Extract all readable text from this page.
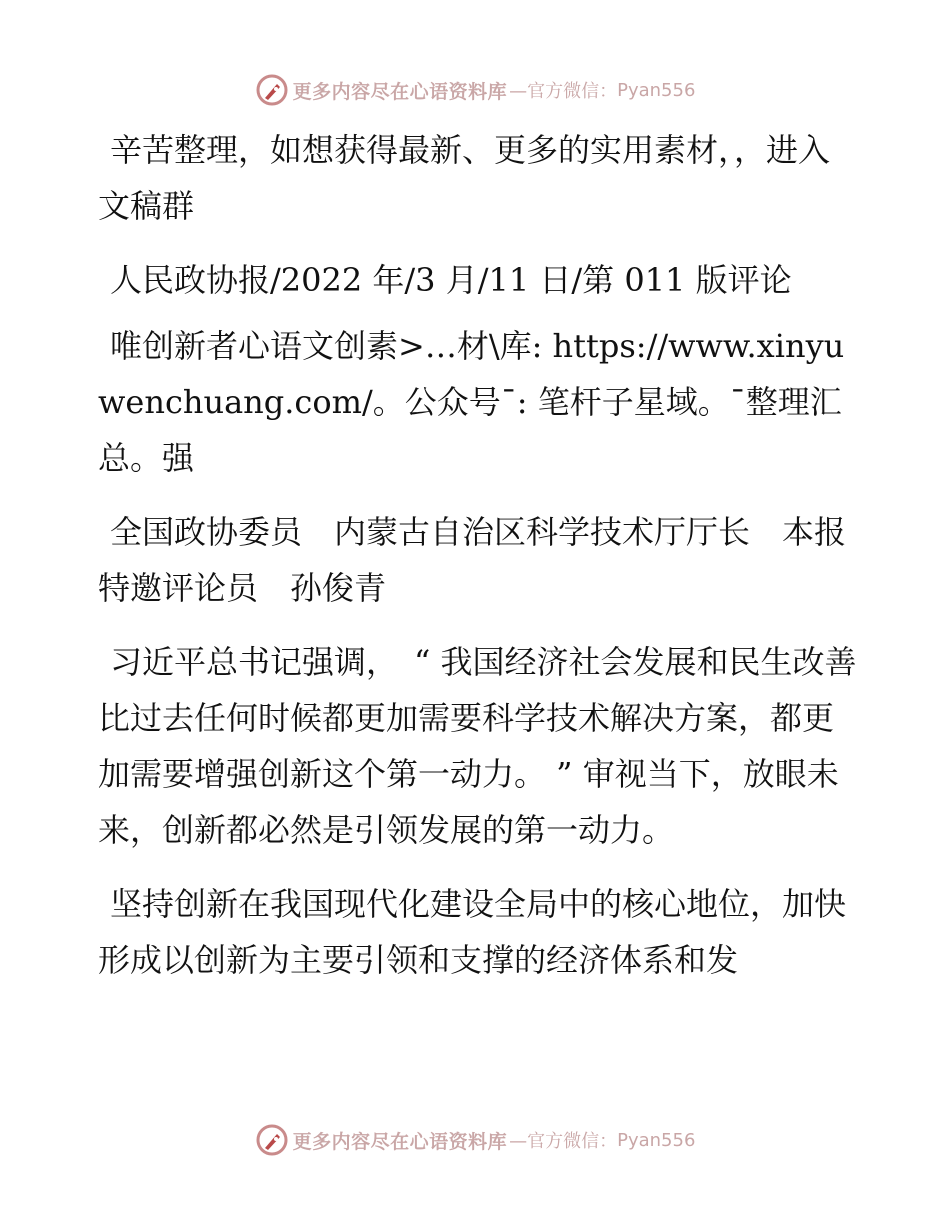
更多内容尽在心语资料库 —官方微信： Pyan556

辛苦整理，如想获得最新、更多的实用素材，，进入文稿群

人民政协报/2022 年/3 月/11 日/第 011 版评论

唯创新者心语文创素>…材\库: https://www.xinyuwenchuang.com/。公众号¯: 笔杆子星域。¯整理汇总。强

全国政协委员　内蒙古自治区科学技术厅厅长　本报特邀评论员　孙俊青

习近平总书记强调，　“ 我国经济社会发展和民生改善比过去任何时候都更加需要科学技术解决方案，都更加需要增强创新这个第一动力。 ” 审视当下，放眼未来，创新都必然是引领发展的第一动力。

坚持创新在我国现代化建设全局中的核心地位，加快形成以创新为主要引领和支撑的经济体系和发

更多内容尽在心语资料库 —官方微信： Pyan556
